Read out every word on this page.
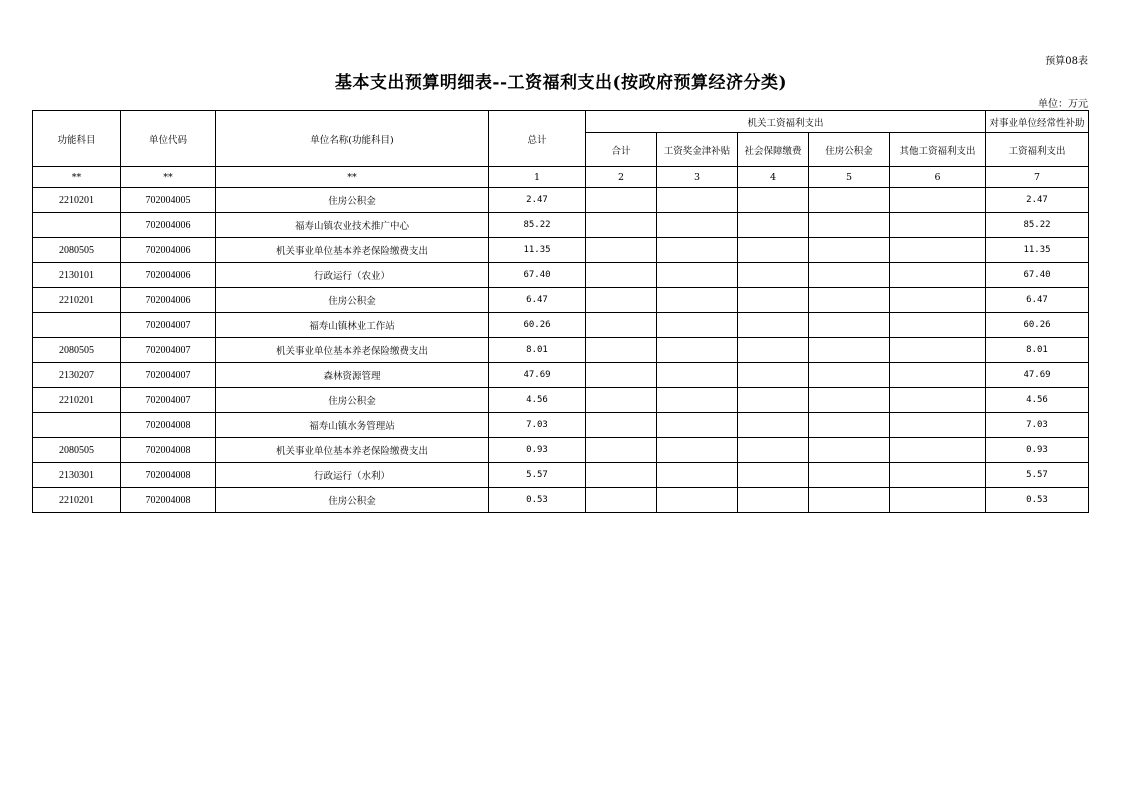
预算08表
基本支出预算明细表--工资福利支出(按政府预算经济分类)
单位：万元
功能科目	单位代码	单位名称(功能科目)	总计	机关工资福利支出					对事业单位经常性补助
				合计	工资奖金津补贴	社会保障缴费	住房公积金	其他工资福利支出	工资福利支出
**	**	**	1	2	3	4	5	6	7
2210201	702004005	住房公积金	2.47						2.47
	702004006	福寿山镇农业技术推广中心	85.22						85.22
2080505	702004006	机关事业单位基本养老保险缴费支出	11.35						11.35
2130101	702004006	行政运行（农业）	67.40						67.40
2210201	702004006	住房公积金	6.47						6.47
	702004007	福寿山镇林业工作站	60.26						60.26
2080505	702004007	机关事业单位基本养老保险缴费支出	8.01						8.01
2130207	702004007	森林资源管理	47.69						47.69
2210201	702004007	住房公积金	4.56						4.56
	702004008	福寿山镇水务管理站	7.03						7.03
2080505	702004008	机关事业单位基本养老保险缴费支出	0.93						0.93
2130301	702004008	行政运行（水利）	5.57						5.57
2210201	702004008	住房公积金	0.53						0.53
